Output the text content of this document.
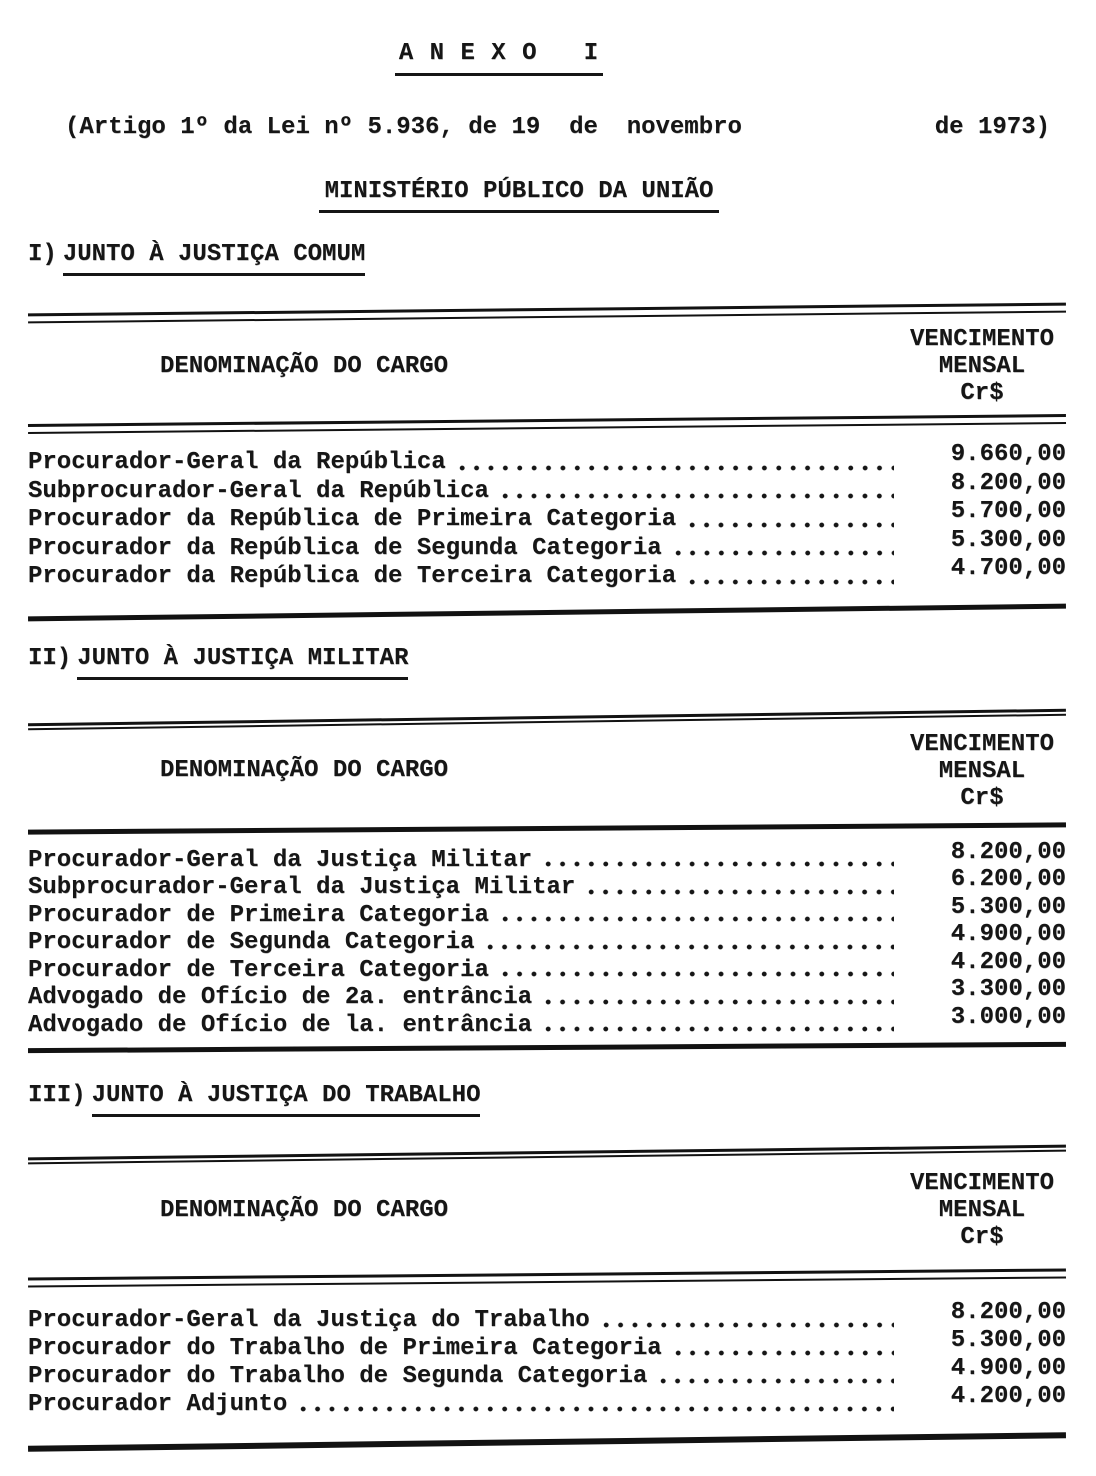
A N E X O   I
(Artigo 1º da Lei nº 5.936, de 19  de  novembro	de 1973)
MINISTÉRIO PÚBLICO DA UNIÃO
I) JUNTO À JUSTIÇA COMUM
DENOMINAÇÃO DO CARGO
VENCIMENTO
MENSAL
Cr$
Procurador-Geral da República	9.660,00
Subprocurador-Geral da República	8.200,00
Procurador da República de Primeira Categoria	5.700,00
Procurador da República de Segunda Categoria	5.300,00
Procurador da República de Terceira Categoria	4.700,00
II) JUNTO À JUSTIÇA MILITAR
DENOMINAÇÃO DO CARGO
VENCIMENTO
MENSAL
Cr$
Procurador-Geral da Justiça Militar	8.200,00
Subprocurador-Geral da Justiça Militar	6.200,00
Procurador de Primeira Categoria	5.300,00
Procurador de Segunda Categoria	4.900,00
Procurador de Terceira Categoria	4.200,00
Advogado de Ofício de 2a. entrância	3.300,00
Advogado de Ofício de la. entrância	3.000,00
III) JUNTO À JUSTIÇA DO TRABALHO
DENOMINAÇÃO DO CARGO
VENCIMENTO
MENSAL
Cr$
Procurador-Geral da Justiça do Trabalho	8.200,00
Procurador do Trabalho de Primeira Categoria	5.300,00
Procurador do Trabalho de Segunda Categoria	4.900,00
Procurador Adjunto	4.200,00
